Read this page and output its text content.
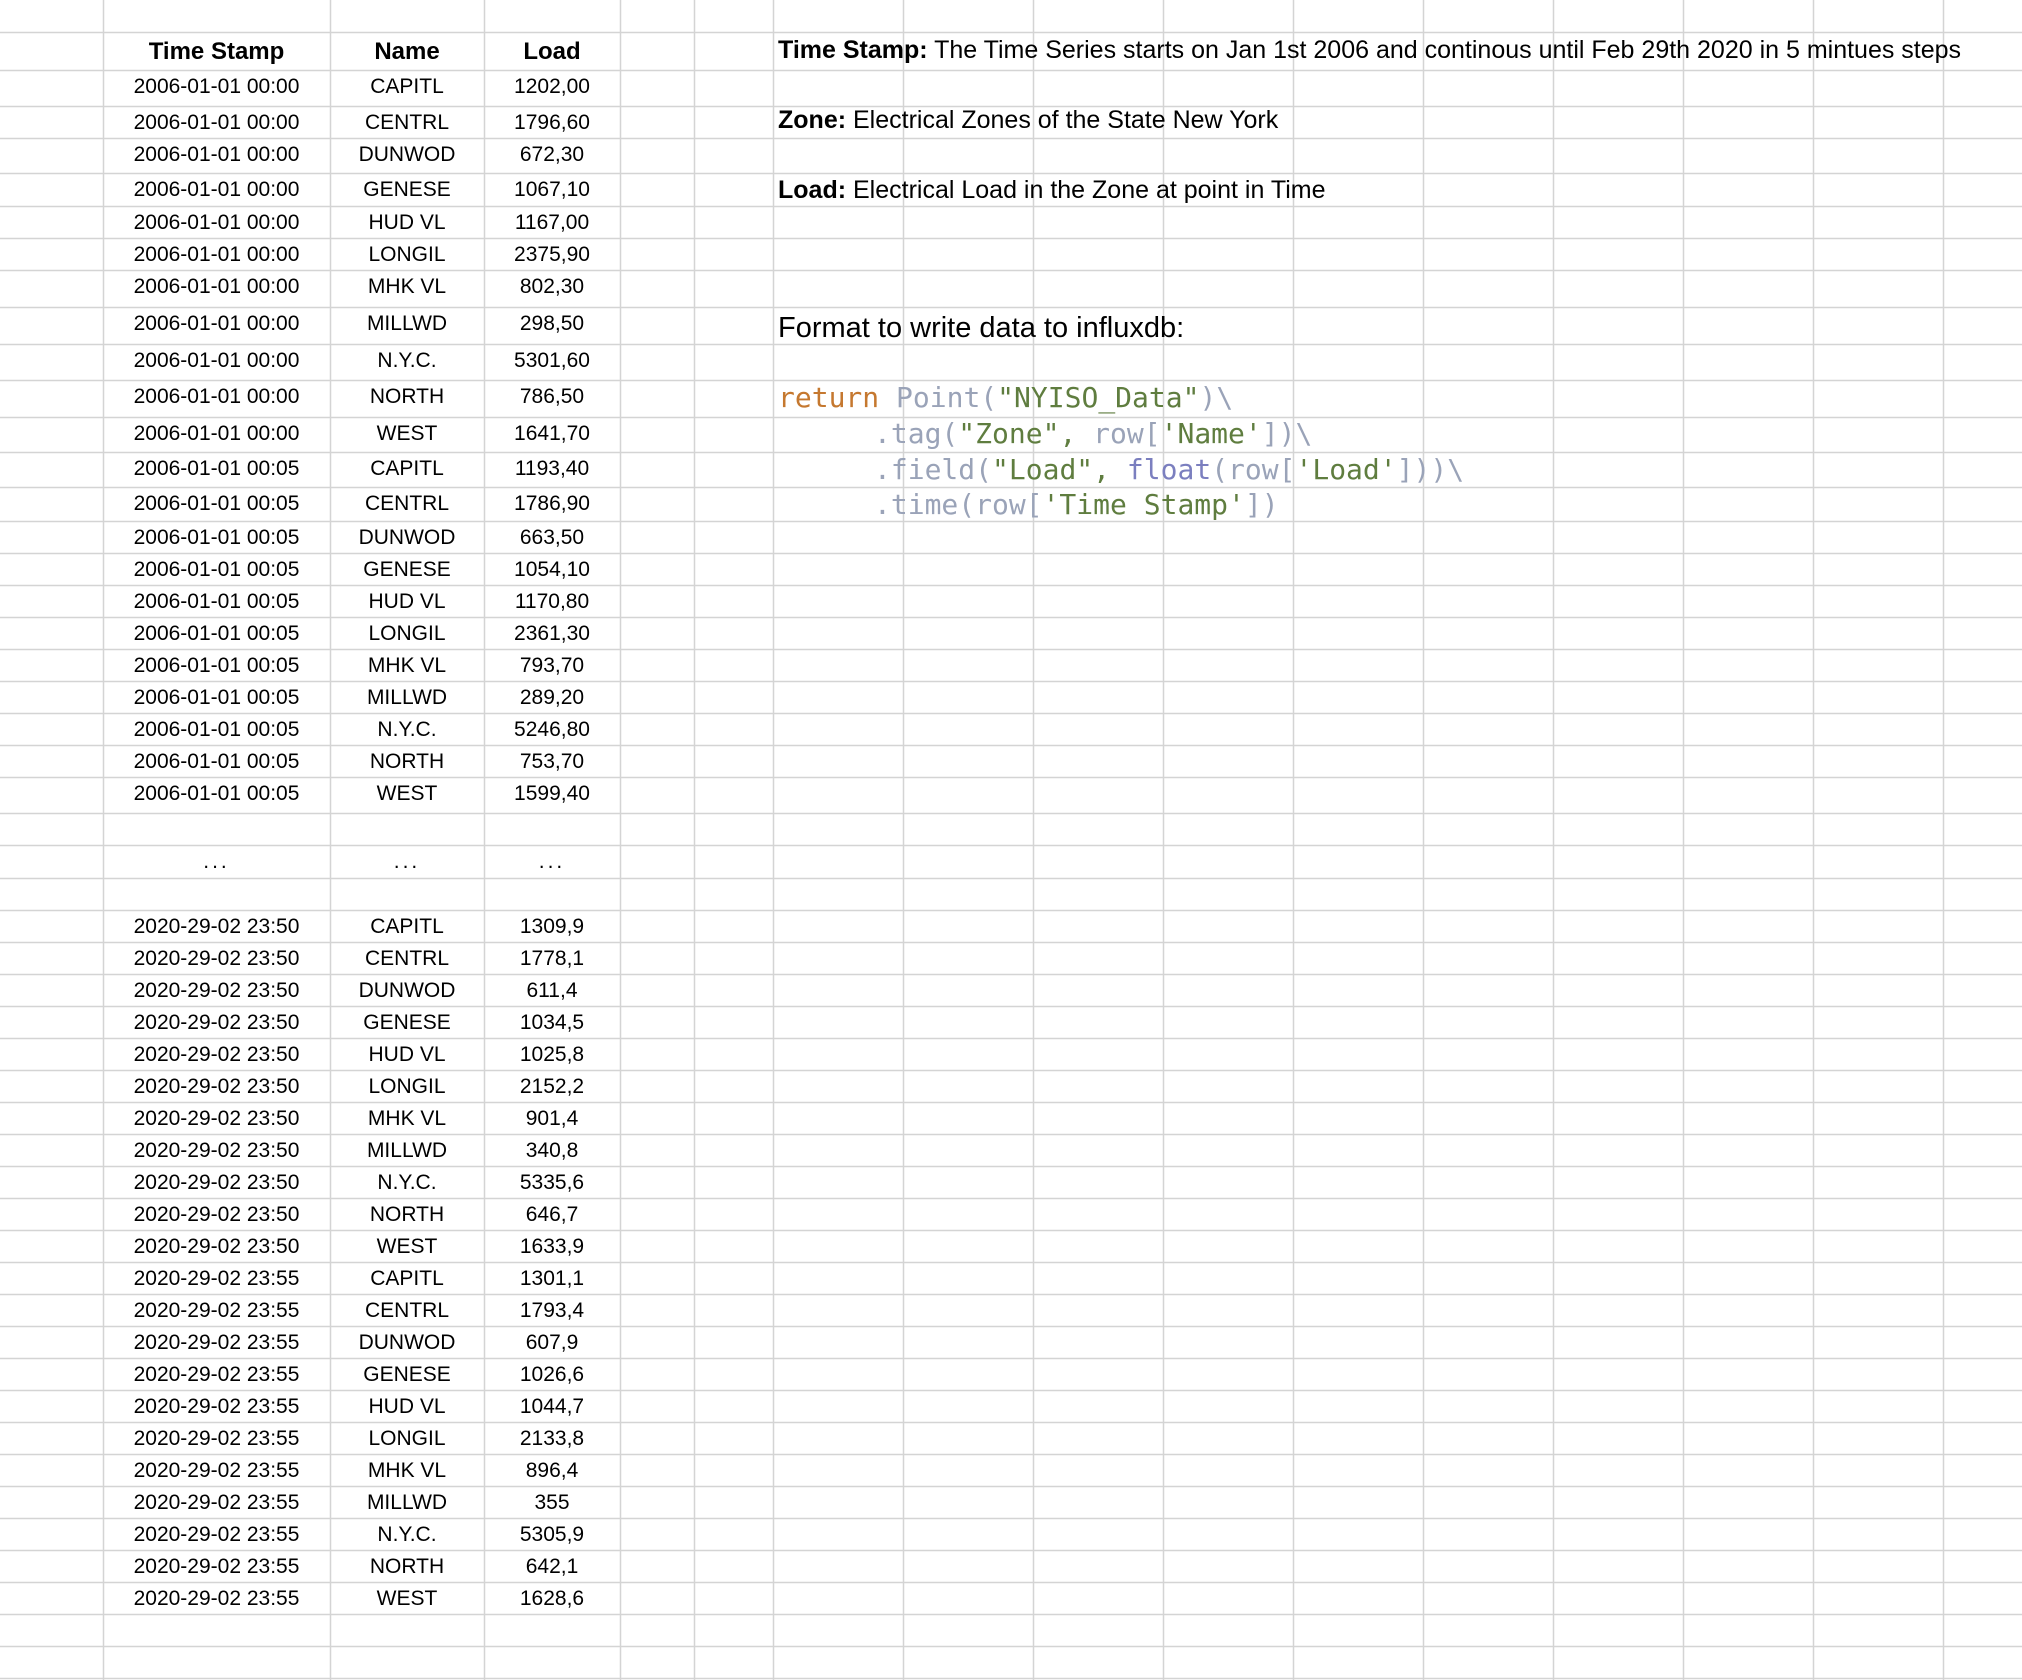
Time Stamp	Name	Load
2006-01-01 00:00	CAPITL	1202,00
2006-01-01 00:00	CENTRL	1796,60
2006-01-01 00:00	DUNWOD	672,30
2006-01-01 00:00	GENESE	1067,10
2006-01-01 00:00	HUD VL	1167,00
2006-01-01 00:00	LONGIL	2375,90
2006-01-01 00:00	MHK VL	802,30
2006-01-01 00:00	MILLWD	298,50
2006-01-01 00:00	N.Y.C.	5301,60
2006-01-01 00:00	NORTH	786,50
2006-01-01 00:00	WEST	1641,70
2006-01-01 00:05	CAPITL	1193,40
2006-01-01 00:05	CENTRL	1786,90
2006-01-01 00:05	DUNWOD	663,50
2006-01-01 00:05	GENESE	1054,10
2006-01-01 00:05	HUD VL	1170,80
2006-01-01 00:05	LONGIL	2361,30
2006-01-01 00:05	MHK VL	793,70
2006-01-01 00:05	MILLWD	289,20
2006-01-01 00:05	N.Y.C.	5246,80
2006-01-01 00:05	NORTH	753,70
2006-01-01 00:05	WEST	1599,40
...	...	...
2020-29-02 23:50	CAPITL	1309,9
2020-29-02 23:50	CENTRL	1778,1
2020-29-02 23:50	DUNWOD	611,4
2020-29-02 23:50	GENESE	1034,5
2020-29-02 23:50	HUD VL	1025,8
2020-29-02 23:50	LONGIL	2152,2
2020-29-02 23:50	MHK VL	901,4
2020-29-02 23:50	MILLWD	340,8
2020-29-02 23:50	N.Y.C.	5335,6
2020-29-02 23:50	NORTH	646,7
2020-29-02 23:50	WEST	1633,9
2020-29-02 23:55	CAPITL	1301,1
2020-29-02 23:55	CENTRL	1793,4
2020-29-02 23:55	DUNWOD	607,9
2020-29-02 23:55	GENESE	1026,6
2020-29-02 23:55	HUD VL	1044,7
2020-29-02 23:55	LONGIL	2133,8
2020-29-02 23:55	MHK VL	896,4
2020-29-02 23:55	MILLWD	355
2020-29-02 23:55	N.Y.C.	5305,9
2020-29-02 23:55	NORTH	642,1
2020-29-02 23:55	WEST	1628,6
Time Stamp: The Time Series starts on Jan 1st 2006 and continous until Feb 29th 2020 in 5 mintues steps
Zone: Electrical Zones of the State New York
Load: Electrical Load in the Zone at point in Time
Format to write data to influxdb:
return Point("NYISO_Data")\
.tag("Zone", row['Name'])\
.field("Load", float(row['Load']))\
.time(row['Time Stamp'])
